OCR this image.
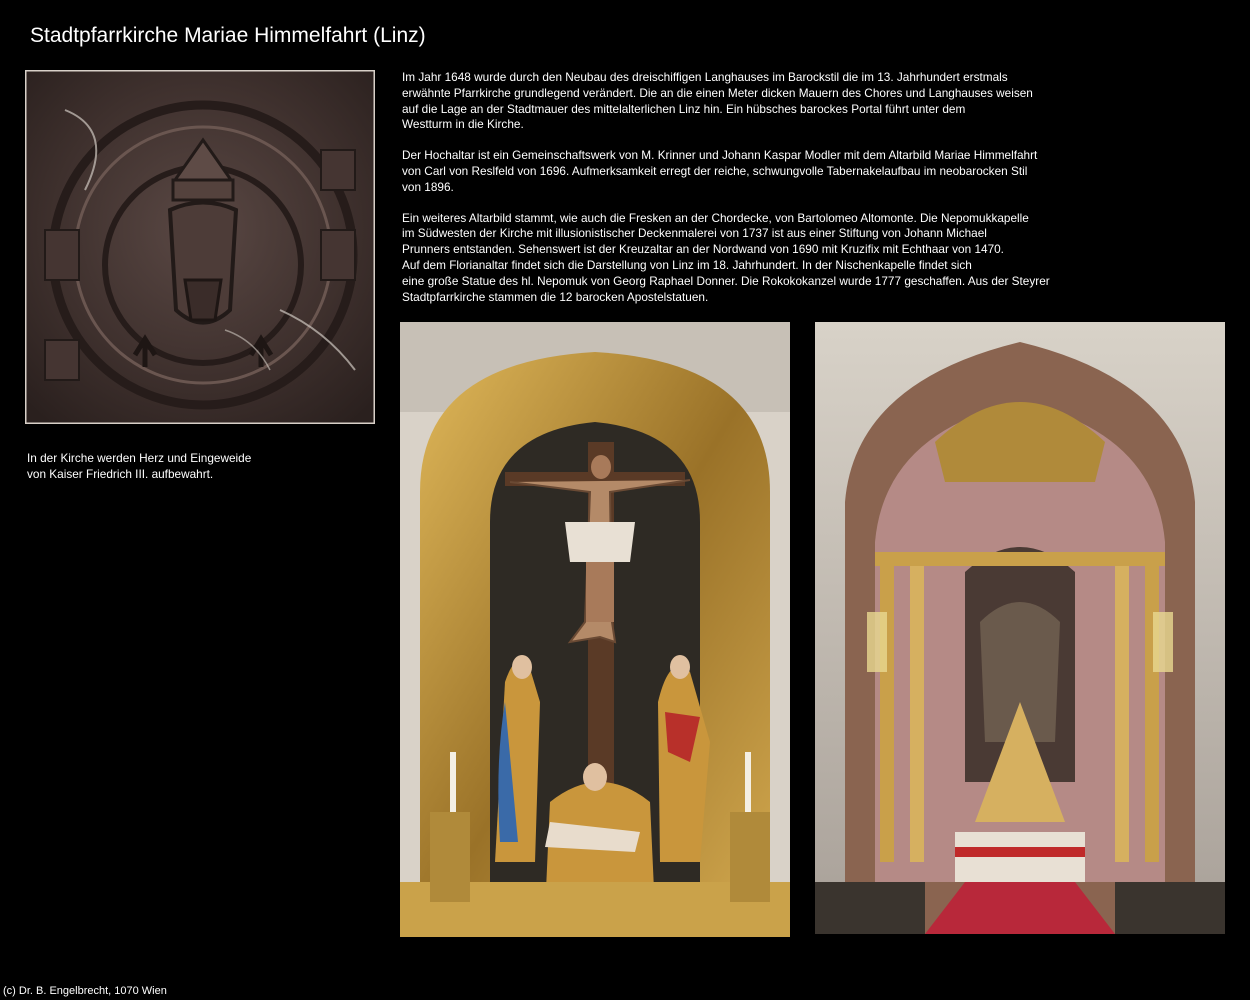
Stadtpfarrkirche Mariae Himmelfahrt (Linz)

Im Jahr 1648 wurde durch den Neubau des dreischiffigen Langhauses im Barockstil die im 13. Jahrhundert erstmals
erwähnte Pfarrkirche grundlegend verändert. Die an die einen Meter dicken Mauern des Chores und Langhauses weisen
auf die Lage an der Stadtmauer des mittelalterlichen Linz hin. Ein hübsches barockes Portal führt unter dem
Westturm in die Kirche.

Der Hochaltar ist ein Gemeinschaftswerk von M. Krinner und Johann Kaspar Modler mit dem Altarbild Mariae Himmelfahrt
von Carl von Reslfeld von 1696. Aufmerksamkeit erregt der reiche, schwungvolle Tabernakelaufbau im neobarocken Stil
von 1896.

Ein weiteres Altarbild stammt, wie auch die Fresken an der Chordecke, von Bartolomeo Altomonte. Die Nepomukkapelle
im Südwesten der Kirche mit illusionistischer Deckenmalerei von 1737 ist aus einer Stiftung von Johann Michael
Prunners entstanden. Sehenswert ist der Kreuzaltar an der Nordwand von 1690 mit Kruzifix mit Echthaar von 1470.
Auf dem Florianaltar findet sich die Darstellung von Linz im 18. Jahrhundert. In der Nischenkapelle findet sich
eine große Statue des hl. Nepomuk von Georg Raphael Donner. Die Rokokokanzel wurde 1777 geschaffen. Aus der Steyrer
Stadtpfarrkirche stammen die 12 barocken Apostelstatuen.

In der Kirche werden Herz und Eingeweide
von Kaiser Friedrich III. aufbewahrt.
(c) Dr. B. Engelbrecht, 1070 Wien
